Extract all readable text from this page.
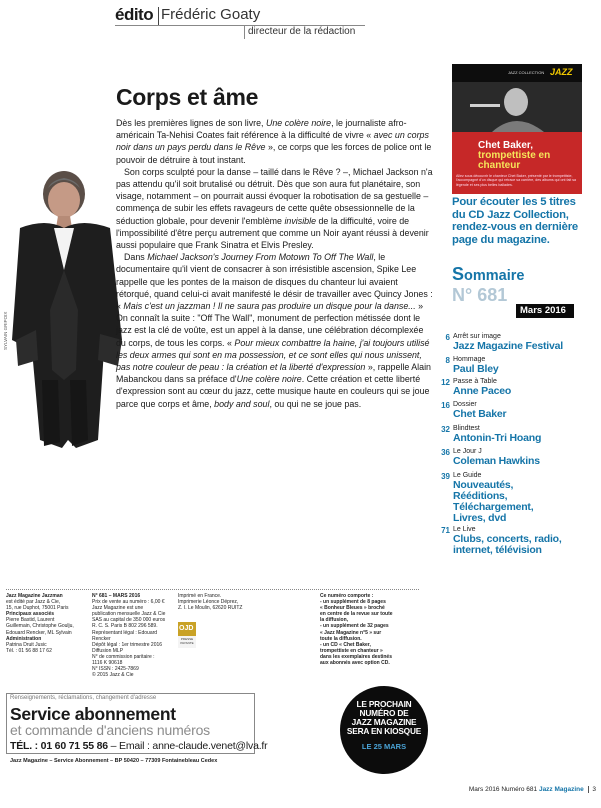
édito Frédéric Goaty
directeur de la rédaction
Corps et âme
SYLVAIN GRIPOIX

Dès les premières lignes de son livre, Une colère noire, le journaliste afro-américain Ta-Nehisi Coates fait référence à la difficulté de vivre « avec un corps noir dans un pays perdu dans le Rêve », ce corps que les forces de police ont le pouvoir de détruire à tout instant.

Son corps sculpté pour la danse – taillé dans le Rêve ? –, Michael Jackson n'a pas attendu qu'il soit brutalisé ou détruit. Dès que son aura fut planétaire, son visage, notamment – on pourrait aussi évoquer la robotisation de sa gestuelle – commença de subir les effets ravageurs de cette quête obsessionnelle de la séduction globale, pour devenir l'emblème invisible de la difficulté, voire de l'impossibilité d'être perçu autrement que comme un Noir ayant réussi à devenir aussi populaire que Frank Sinatra et Elvis Presley.

Dans Michael Jackson's Journey From Motown To Off The Wall, le documentaire qu'il vient de consacrer à son irrésistible ascension, Spike Lee rappelle que les pontes de la maison de disques du chanteur lui avaient rétorqué, quand celui-ci avait manifesté le désir de travailler avec Quincy Jones : « Mais c'est un jazzman ! Il ne saura pas produire un disque pour la danse... » On connaît la suite : "Off The Wall", monument de perfection métissée dont le jazz est la clé de voûte, est un appel à la danse, une célébration décomplexée du corps, de tous les corps. « Pour mieux combattre la haine, j'ai toujours utilisé les deux armes qui sont en ma possession, et ce sont elles qui nous unissent, pas notre couleur de peau : la création et la liberté d'expression », rappelle Alain Mabanckou dans sa préface d'Une colère noire. Cette création et cette liberté d'expression sont au cœur du jazz, cette musique haute en couleurs qui se joue parce que corps et âme, body and soul, ou qui ne se joue pas.

JAZZ COLLECTION JAZZ
Chet Baker,
trompettiste en chanteur
Allez sous découvrir le chanteur Chet Baker, présenté par le trompettiste, l'accompagné d'un disque qui retrace sa carrière, des albums qui ont fait sa légende et ses plus belles ballades.
Pour écouter les 5 titres du CD Jazz Collection, rendez-vous en dernière page du magazine.
Sommaire
N° 681
Mars 2016
6 Arrêt sur image
Jazz Magazine Festival
8 Hommage
Paul Bley
12 Passe à Table
Anne Paceo
16 Dossier
Chet Baker
32 Blindtest
Antonin-Tri Hoang
36 Le Jour J
Coleman Hawkins
39 Le Guide
Nouveautés, Rééditions, Téléchargement, Livres, dvd
71 Le Live
Clubs, concerts, radio, internet, télévision
Jazz Magazine Jazzman
est édité par Jazz & Cie,
15, rue Duphot, 75001 Paris
Principaux associés
Pierre Bastid, Laurent
Guillemain, Christophe Goulju,
Edouard Rencker, ML Sylvain
Administration
Patrina Druit Jusic
Tél. : 01 56 88 17 62
N° 681 – MARS 2016
Prix de vente au numéro : 6,00 €
Jazz Magazine est une
publication mensuelle Jazz & Cie
SAS au capital de 350 000 euros
R. C. S. Paris B 802 296 589.
Représentant légal : Edouard Rencker
Dépôt légal : 1er trimestre 2016
Diffusion MLP
N° de commission paritaire :
1116 K 90618
N° ISSN : 2425-7869
© 2015 Jazz & Cie
Imprimé en France.
Imprimerie Léonce Déprez,
Z. I. Le Moulin, 62620 RUITZ
OJD
PRESSE PAYANTE
Ce numéro comporte :
- un supplément de 8 pages
« Bonheur Bleues » broché
en centre de la revue sur toute
la diffusion,
- un supplément de 32 pages
« Jazz Magazine n°5 » sur
toute la diffusion.
- un CD « Chet Baker,
trompettiste en chanteur »
dans les exemplaires destinés
aux abonnés avec option CD.
Renseignements, réclamations, changement d'adresse
Service abonnement
et commande d'anciens numéros
TÉL. : 01 60 71 55 86 – Email : anne-claude.venet@lva.fr
Jazz Magazine – Service Abonnement – BP 50420 – 77309 Fontainebleau Cedex
LE PROCHAIN
NUMÉRO DE
JAZZ MAGAZINE
SERA EN KIOSQUE
LE 25 MARS
Mars 2016 Numéro 681 Jazz Magazine 3
